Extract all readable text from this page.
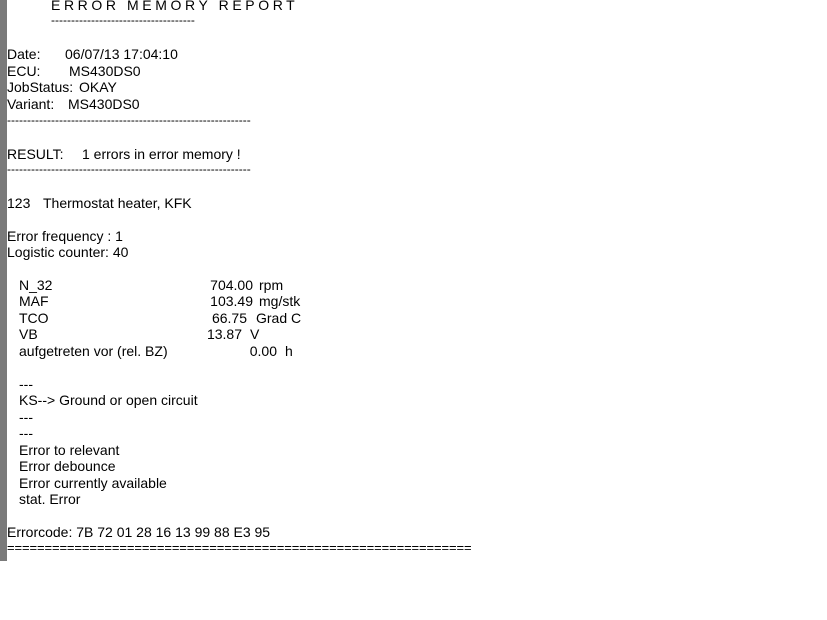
ERROR MEMORY REPORT
------------------------------------
Date: 06/07/13 17:04:10
ECU: MS430DS0
JobStatus: OKAY
Variant: MS430DS0
-------------------------------------------------------------
RESULT: 1 errors in error memory !
-------------------------------------------------------------
123 Thermostat heater, KFK
Error frequency : 1
Logistic counter: 40
N_32	704.00 rpm
MAF	103.49 mg/stk
TCO	66.75 Grad C
VB	13.87 V
aufgetreten vor (rel. BZ)	0.00 h
---
KS--> Ground or open circuit
---
---
Error to relevant
Error debounce
Error currently available
stat. Error
Errorcode: 7B 72 01 28 16 13 99 88 E3 95
==============================================================
